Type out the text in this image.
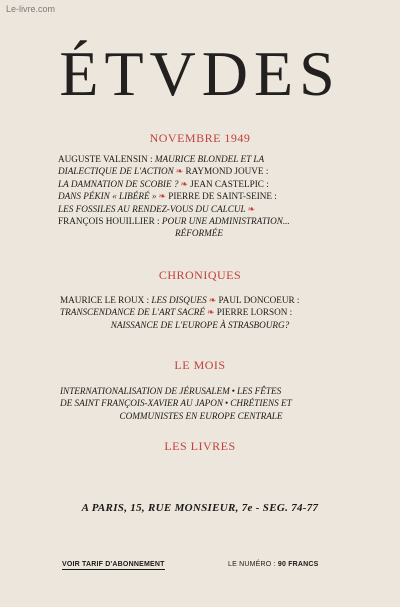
Le-livre.com
ÉTVDES
NOVEMBRE 1949
AUGUSTE VALENSIN : MAURICE BLONDEL ET LA
DIALECTIQUE DE L'ACTION ❧ RAYMOND JOUVE :
LA DAMNATION DE SCOBIE ? ❧ JEAN CASTELPIC :
DANS PÉKIN « LIBÉRÉ » ❧ PIERRE DE SAINT-SEINE :
LES FOSSILES AU RENDEZ-VOUS DU CALCUL ❧
FRANÇOIS HOUILLIER : POUR UNE ADMINISTRATION...
RÉFORMÉE
CHRONIQUES
MAURICE LE ROUX : LES DISQUES ❧ PAUL DONCOEUR :
TRANSCENDANCE DE L'ART SACRÉ ❧ PIERRE LORSON :
NAISSANCE DE L'EUROPE À STRASBOURG?
LE MOIS
INTERNATIONALISATION DE JÉRUSALEM • LES FÊTES
DE SAINT FRANÇOIS-XAVIER AU JAPON • CHRÉTIENS ET
COMMUNISTES EN EUROPE CENTRALE
LES LIVRES
A PARIS, 15, RUE MONSIEUR, 7e - SEG. 74-77
VOIR TARIF D'ABONNEMENT	LE NUMÉRO : 90 FRANCS
